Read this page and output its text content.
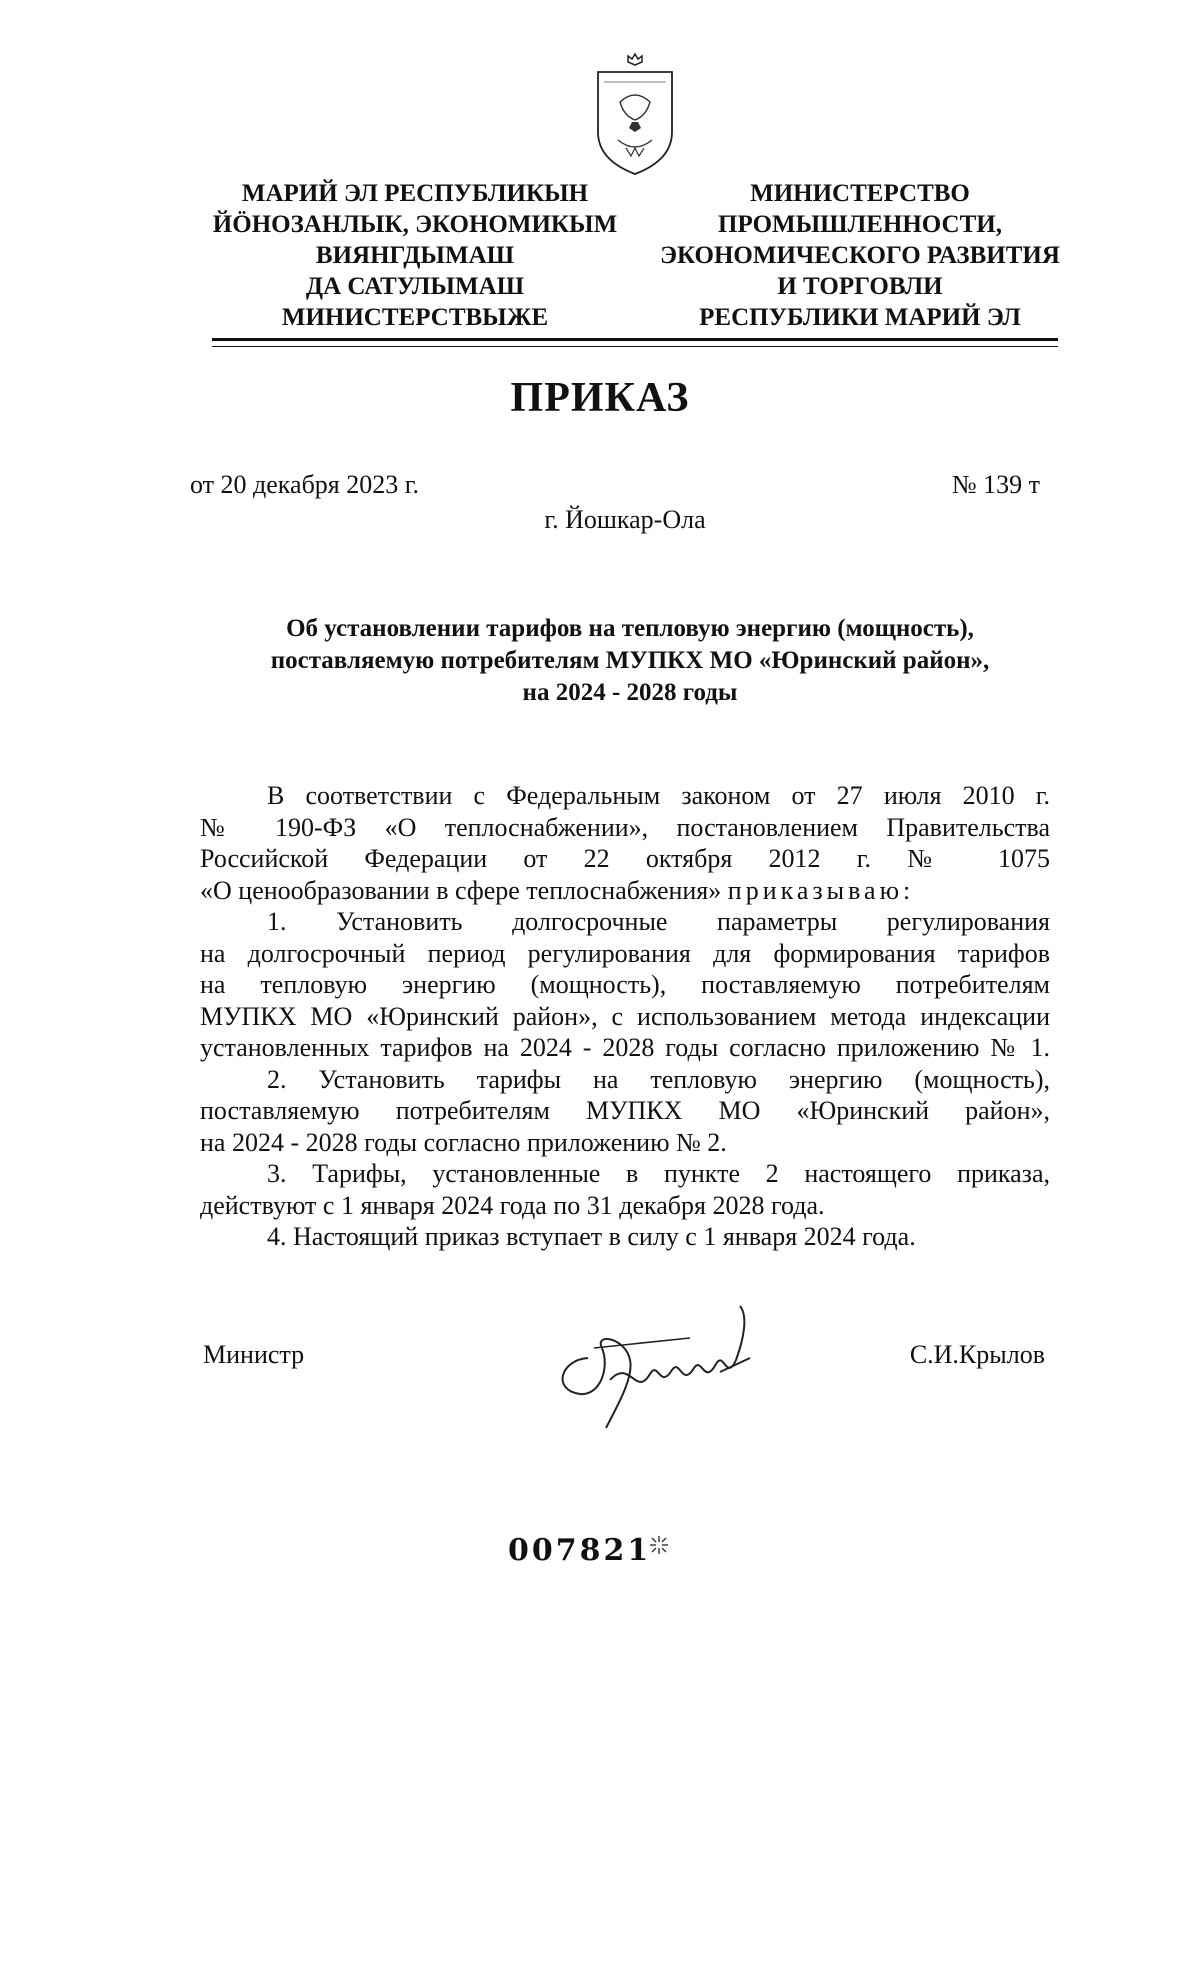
МАРИЙ ЭЛ РЕСПУБЛИКЫН
ЙӦНОЗАНЛЫК, ЭКОНОМИКЫМ
ВИЯНГДЫМАШ
ДА САТУЛЫМАШ
МИНИСТЕРСТВЫЖЕ
МИНИСТЕРСТВО
ПРОМЫШЛЕННОСТИ,
ЭКОНОМИЧЕСКОГО РАЗВИТИЯ
И ТОРГОВЛИ
РЕСПУБЛИКИ МАРИЙ ЭЛ
ПРИКАЗ
от 20 декабря 2023 г.	№ 139 т
г. Йошкар-Ола
Об установлении тарифов на тепловую энергию (мощность),
поставляемую потребителям МУПКХ МО «Юринский район»,
на 2024 - 2028 годы
В соответствии с Федеральным законом от 27 июля 2010 г.
№ 190-ФЗ «О теплоснабжении», постановлением Правительства
Российской Федерации от 22 октября 2012 г. № 1075
«О ценообразовании в сфере теплоснабжения» приказываю:
1. Установить долгосрочные параметры регулирования
на долгосрочный период регулирования для формирования тарифов
на тепловую энергию (мощность), поставляемую потребителям
МУПКХ МО «Юринский район», с использованием метода индексации
установленных тарифов на 2024 - 2028 годы согласно приложению № 1.
2. Установить тарифы на тепловую энергию (мощность),
поставляемую потребителям МУПКХ МО «Юринский район»,
на 2024 - 2028 годы согласно приложению № 2.
3. Тарифы, установленные в пункте 2 настоящего приказа,
действуют с 1 января 2024 года по 31 декабря 2028 года.
4. Настоящий приказ вступает в силу с 1 января 2024 года.
Министр	С.И.Крылов
007821
